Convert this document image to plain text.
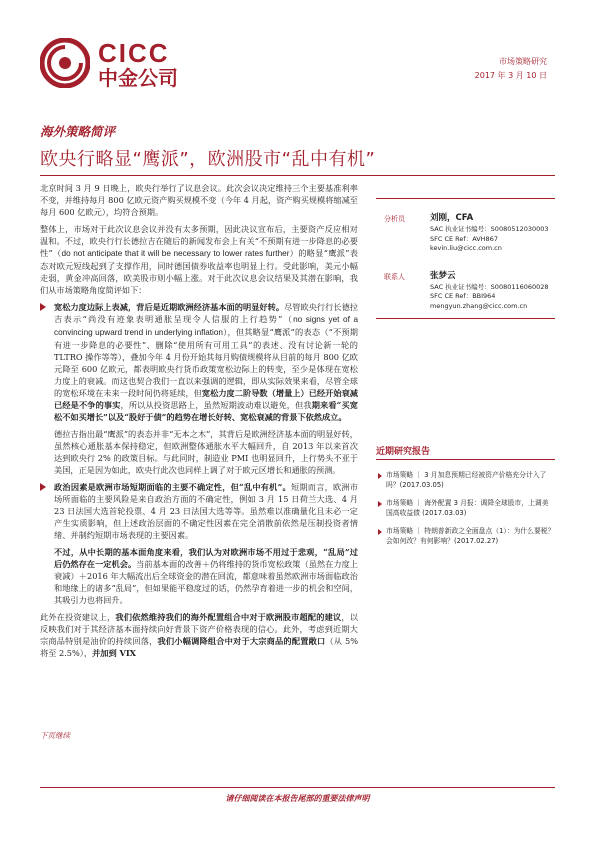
CICC
中金公司
市场策略研究
2017 年 3 月 10 日
海外策略简评
欧央行略显“鹰派”，欧洲股市“乱中有机”

北京时间 3 月 9 日晚上，欧央行举行了议息会议。此次会议决定维持三个主要基准利率不变，并维持每月 800 亿欧元资产购买规模不变（今年 4 月起，资产购买规模将缩减至每月 600 亿欧元），均符合预期。

整体上，市场对于此次议息会议并没有太多预期，因此决议宣布后，主要资产反应相对温和。不过，欧央行行长德拉吉在随后的新闻发布会上有关“不预期有进一步降息的必要性”（do not anticipate that it will be necessary to lower rates further）的略显“鹰派”表态对欧元短线起到了支撑作用，同时德国债券收益率也明显上行。受此影响，美元小幅走弱，黄金冲高回落，欧美股市则小幅上涨。对于此次议息会议结果及其潜在影响，我们从市场策略角度简评如下：

宽松力度边际上表减，背后是近期欧洲经济基本面的明显好转。尽管欧央行行长德拉吉表示“尚没有迹象表明通胀呈现令人信服的上行趋势”（no signs yet of a convincing upward trend in underlying inflation），但其略显“鹰派”的表态（“不预期有进一步降息的必要性”、删除“使用所有可用工具”的表述、没有讨论新一轮的 TLTRO 操作等等），叠加今年 4 月份开始其每月购债规模将从目前的每月 800 亿欧元降至 600 亿欧元，都表明欧央行货币政策宽松边际上的转变，至少是体现在宽松力度上的衰减。而这也契合我们一直以来强调的逻辑，即从实际效果来看，尽管全球的宽松环境在未来一段时间仍将延续，但宽松力度二阶导数（增量上）已经开始衰减已经是不争的事实，所以从投资思路上，虽然短期波动难以避免，但我期来看“买宽松不如买增长”以及“股好于债”的趋势在增长好转、宽松衰减的背景下依然成立。

德拉吉指出最“鹰派”的表态并非“无本之木”，其背后是欧洲经济基本面的明显好转，虽然核心通胀基本保持稳定，但欧洲整体通胀水平大幅回升，自 2013 年以来首次达到欧央行 2% 的政策目标。与此同时，制造业 PMI 也明显回升，上行势头不亚于美国，正是因为如此，欧央行此次也同样上调了对于欧元区增长和通胀的预测。

政治因素是欧洲市场短期面临的主要不确定性，但“乱中有机”。短期而言，欧洲市场所面临的主要风险是来自政治方面的不确定性，例如 3 月 15 日荷兰大选、4 月 23 日法国大选首轮投票、4 月 23 日法国大选等等。虽然难以准确量化且未必一定产生实质影响，但上述政治层面的不确定性因素在完全消散前依然是压制投资者情绪、并制约短期市场表现的主要因素。

不过，从中长期的基本面角度来看，我们认为对欧洲市场不用过于悲观，“乱局”过后仍然存在一定机会。当前基本面的改善＋仍将维持的货币宽松政策（虽然在力度上衰减）＋2016 年大幅流出后全球资金的潜在回流，都意味着虽然欧洲市场面临政治和地缘上的诸多“乱局”，但如果能平稳度过的话，仍然孕育着进一步的机会和空间，其吸引力也将回升。

此外在投资建议上，我们依然维持我们的海外配置组合中对于欧洲股市超配的建议，以反映我们对于其经济基本面持续向好背景下资产价格表现的信心。此外，考虑到近期大宗商品特别是油价的持续回落，我们小幅调降组合中对于大宗商品的配置敞口（从 5% 将至 2.5%），并加到 VIX

分析员	刘刚，CFA
SAC 执业证书编号：S0080512030003
SFC CE Ref：AVH867
kevin.liu@cicc.com.cn
联系人	张梦云
SAC 执业证书编号：S0080116060028
SFC CE Ref：BBI964
mengyun.zhang@cicc.com.cn
近期研究报告
市场策略 ｜ 3 月加息预期已经被资产价格充分计入了吗？(2017.03.05)
市场策略 ｜ 海外配置 3 月报：调降全球股市，上调美国高收益债 (2017.03.03)
市场策略 ｜ 特朗普新政之全面盘点（1）：为什么要税？会如何改？有何影响？(2017.02.27)
下页继续
请仔细阅读在本报告尾部的重要法律声明
